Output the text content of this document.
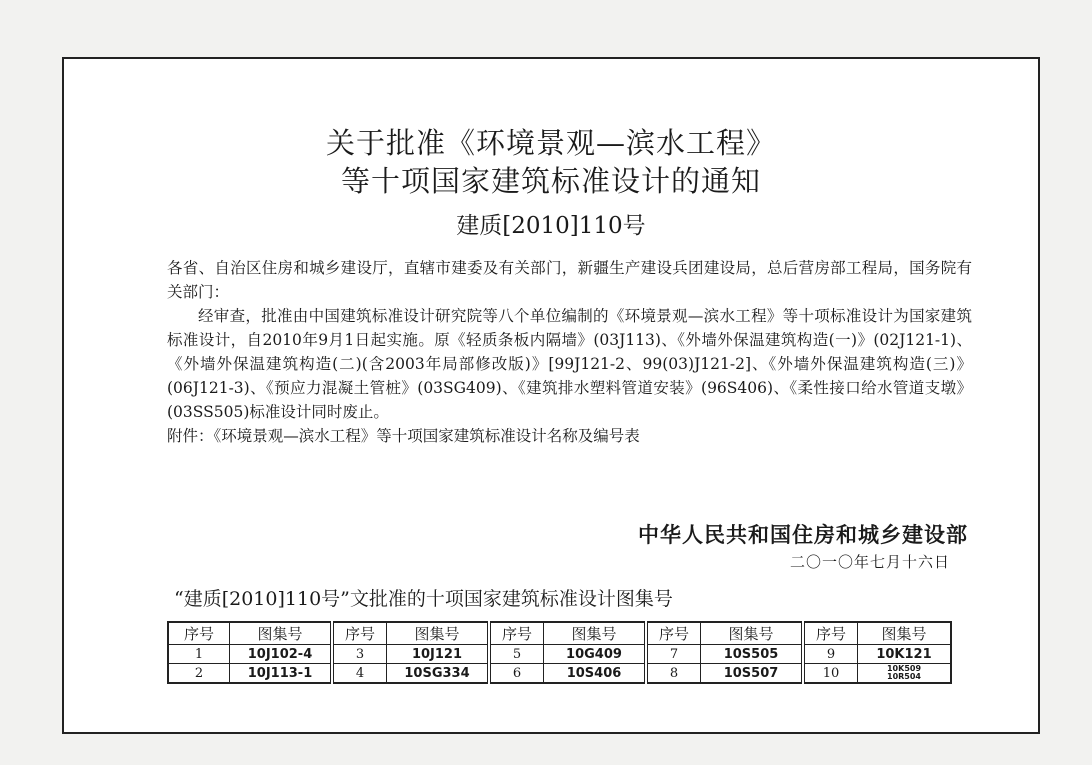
关于批准《环境景观—滨水工程》
等十项国家建筑标准设计的通知
建质[2010]110号

各省、自治区住房和城乡建设厅，直辖市建委及有关部门，新疆生产建设兵团建设局，总后营房部工程局，国务院有关部门：

经审查，批准由中国建筑标准设计研究院等八个单位编制的《环境景观—滨水工程》等十项标准设计为国家建筑标准设计，自2010年9月1日起实施。原《轻质条板内隔墙》(03J113)、《外墙外保温建筑构造(一)》(02J121-1)、《外墙外保温建筑构造(二)(含2003年局部修改版)》[99J121-2、99(03)J121-2]、《外墙外保温建筑构造(三)》(06J121-3)、《预应力混凝土管桩》(03SG409)、《建筑排水塑料管道安装》(96S406)、《柔性接口给水管道支墩》(03SS505)标准设计同时废止。

附件：《环境景观—滨水工程》等十项国家建筑标准设计名称及编号表

中华人民共和国住房和城乡建设部
二〇一〇年七月十六日
“建质[2010]110号”文批准的十项国家建筑标准设计图集号
序号	图集号	序号	图集号	序号	图集号	序号	图集号	序号	图集号
1	10J102-4	3	10J121	5	10G409	7	10S505	9	10K121
2	10J113-1	4	10SG334	6	10S406	8	10S507	10	10K509
10R504
